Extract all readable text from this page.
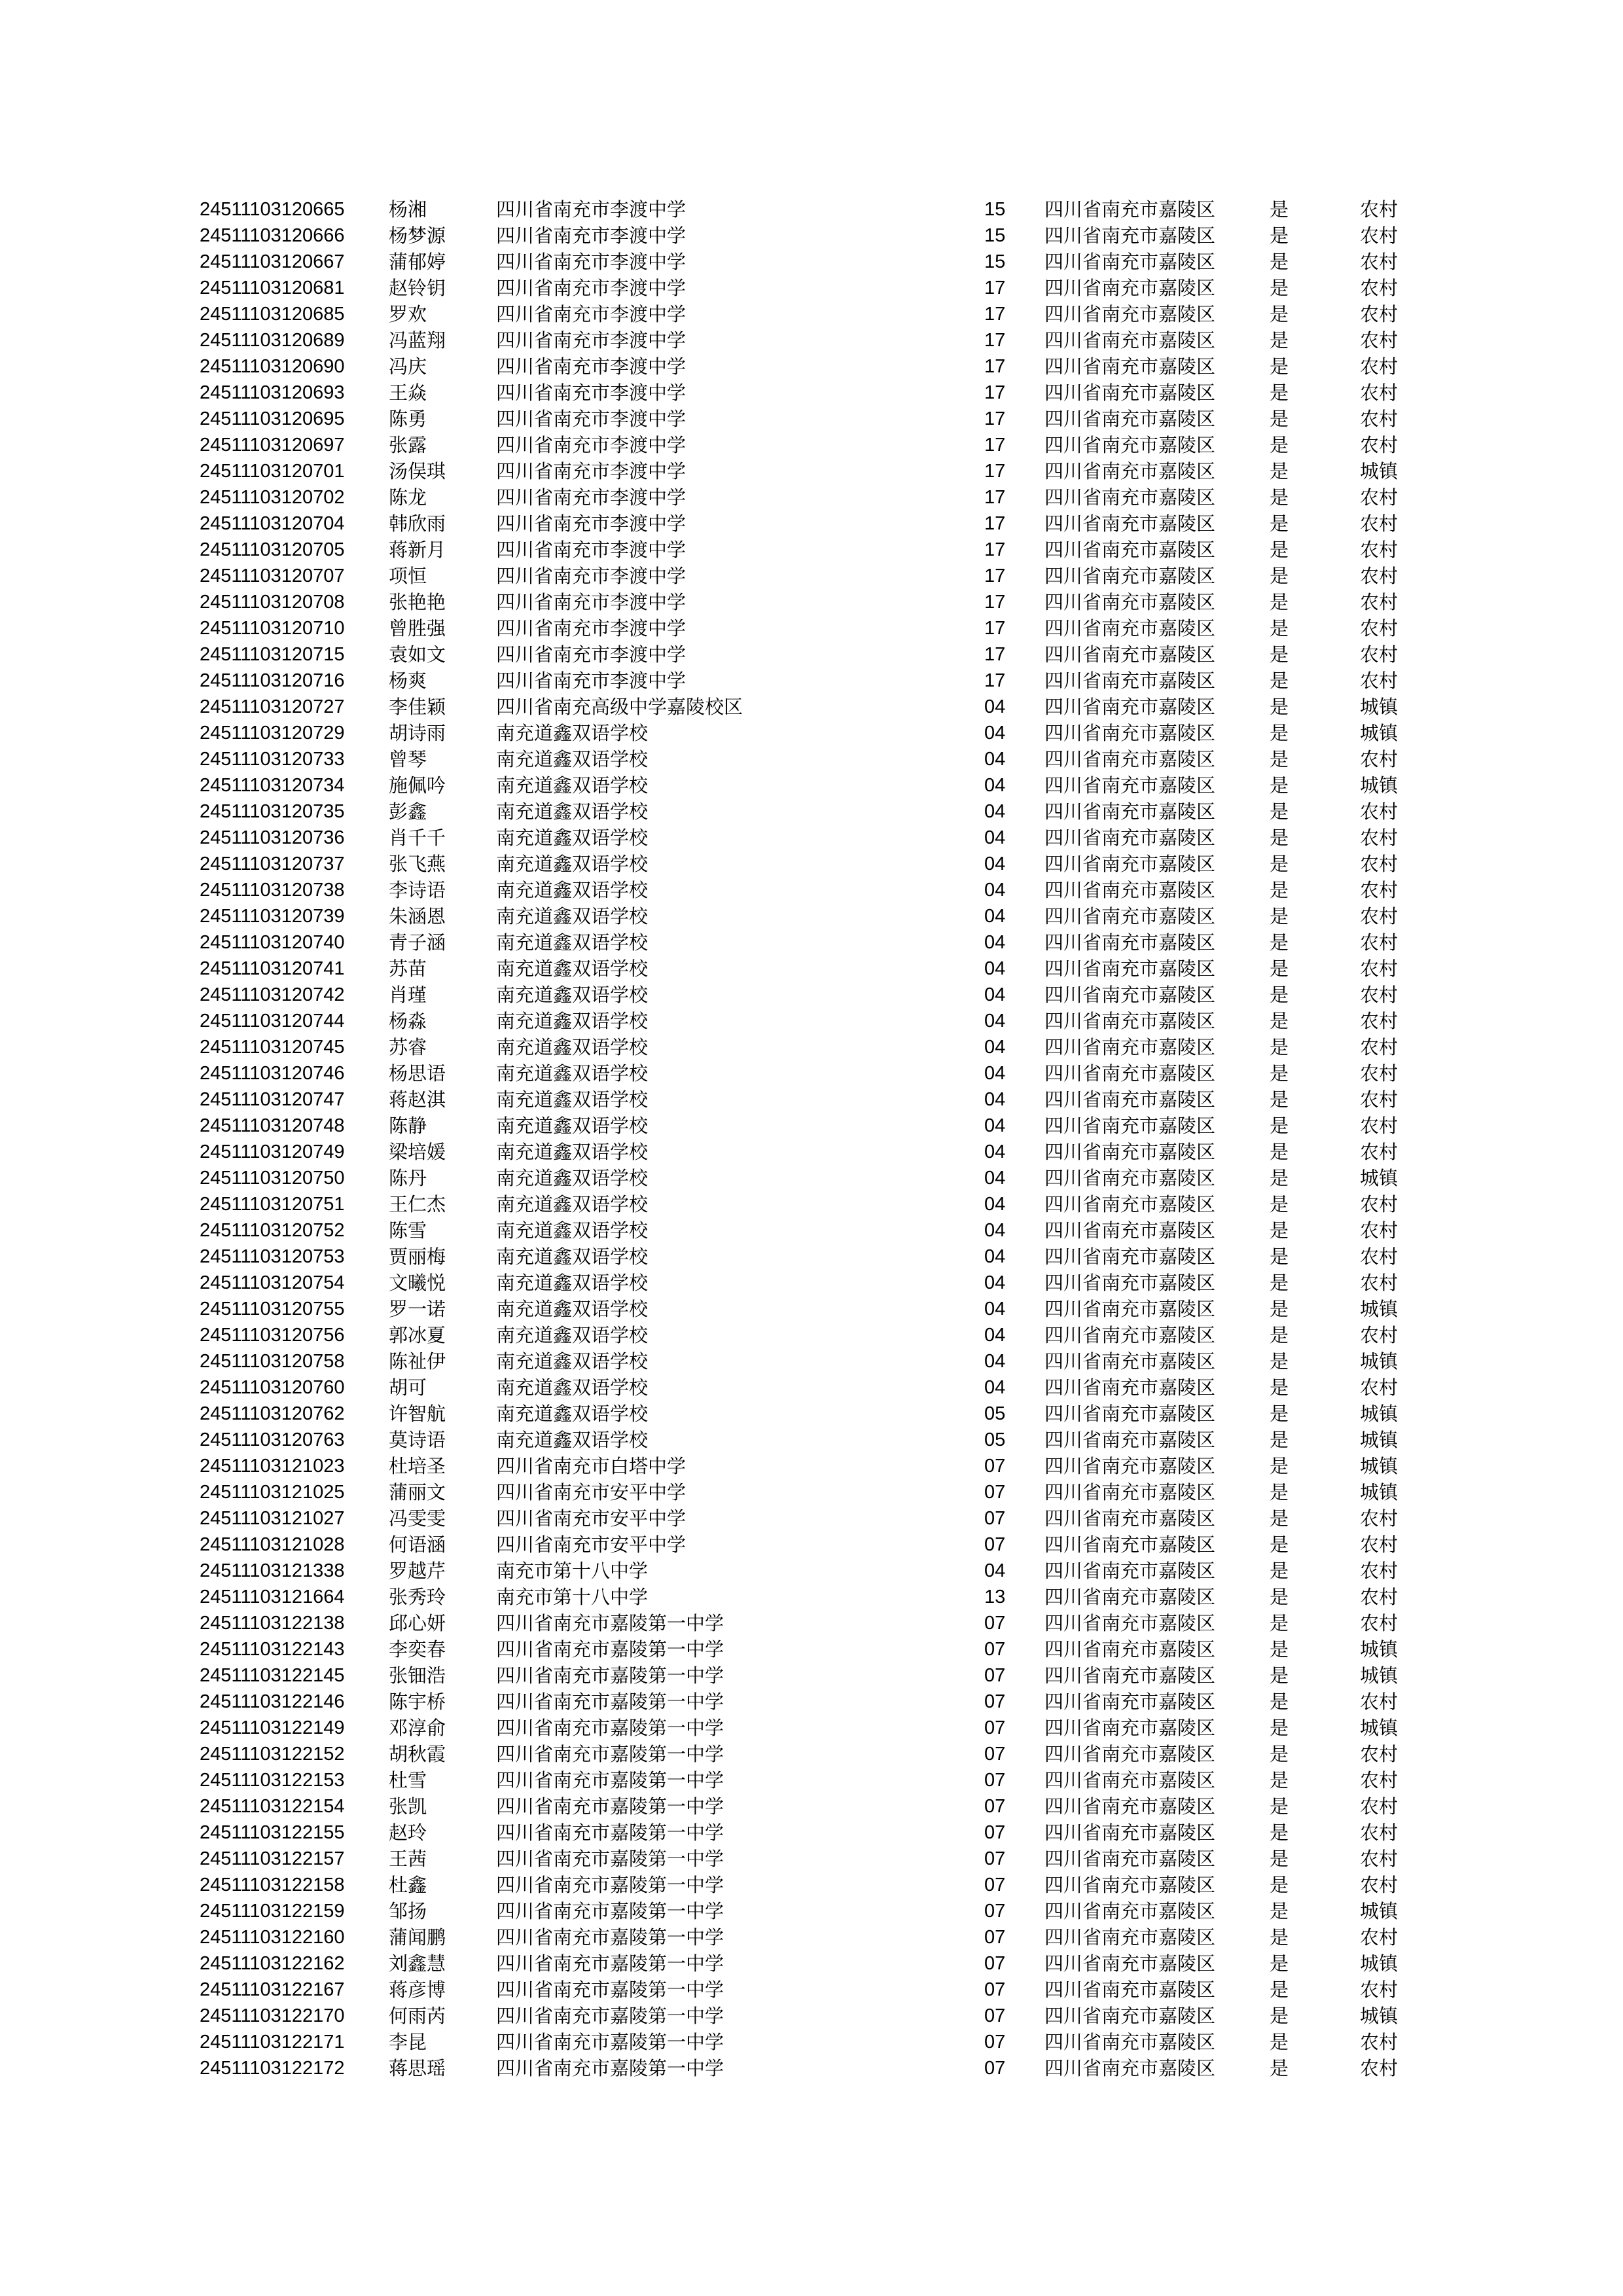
24511103120665	杨湘	四川省南充市李渡中学	15	四川省南充市嘉陵区	是	农村
24511103120666	杨梦源	四川省南充市李渡中学	15	四川省南充市嘉陵区	是	农村
24511103120667	蒲郁婷	四川省南充市李渡中学	15	四川省南充市嘉陵区	是	农村
24511103120681	赵铃钥	四川省南充市李渡中学	17	四川省南充市嘉陵区	是	农村
24511103120685	罗欢	四川省南充市李渡中学	17	四川省南充市嘉陵区	是	农村
24511103120689	冯蓝翔	四川省南充市李渡中学	17	四川省南充市嘉陵区	是	农村
24511103120690	冯庆	四川省南充市李渡中学	17	四川省南充市嘉陵区	是	农村
24511103120693	王焱	四川省南充市李渡中学	17	四川省南充市嘉陵区	是	农村
24511103120695	陈勇	四川省南充市李渡中学	17	四川省南充市嘉陵区	是	农村
24511103120697	张露	四川省南充市李渡中学	17	四川省南充市嘉陵区	是	农村
24511103120701	汤俣琪	四川省南充市李渡中学	17	四川省南充市嘉陵区	是	城镇
24511103120702	陈龙	四川省南充市李渡中学	17	四川省南充市嘉陵区	是	农村
24511103120704	韩欣雨	四川省南充市李渡中学	17	四川省南充市嘉陵区	是	农村
24511103120705	蒋新月	四川省南充市李渡中学	17	四川省南充市嘉陵区	是	农村
24511103120707	项恒	四川省南充市李渡中学	17	四川省南充市嘉陵区	是	农村
24511103120708	张艳艳	四川省南充市李渡中学	17	四川省南充市嘉陵区	是	农村
24511103120710	曾胜强	四川省南充市李渡中学	17	四川省南充市嘉陵区	是	农村
24511103120715	袁如文	四川省南充市李渡中学	17	四川省南充市嘉陵区	是	农村
24511103120716	杨爽	四川省南充市李渡中学	17	四川省南充市嘉陵区	是	农村
24511103120727	李佳颖	四川省南充高级中学嘉陵校区	04	四川省南充市嘉陵区	是	城镇
24511103120729	胡诗雨	南充道鑫双语学校	04	四川省南充市嘉陵区	是	城镇
24511103120733	曾琴	南充道鑫双语学校	04	四川省南充市嘉陵区	是	农村
24511103120734	施佩吟	南充道鑫双语学校	04	四川省南充市嘉陵区	是	城镇
24511103120735	彭鑫	南充道鑫双语学校	04	四川省南充市嘉陵区	是	农村
24511103120736	肖千千	南充道鑫双语学校	04	四川省南充市嘉陵区	是	农村
24511103120737	张飞燕	南充道鑫双语学校	04	四川省南充市嘉陵区	是	农村
24511103120738	李诗语	南充道鑫双语学校	04	四川省南充市嘉陵区	是	农村
24511103120739	朱涵恩	南充道鑫双语学校	04	四川省南充市嘉陵区	是	农村
24511103120740	青子涵	南充道鑫双语学校	04	四川省南充市嘉陵区	是	农村
24511103120741	苏苗	南充道鑫双语学校	04	四川省南充市嘉陵区	是	农村
24511103120742	肖瑾	南充道鑫双语学校	04	四川省南充市嘉陵区	是	农村
24511103120744	杨淼	南充道鑫双语学校	04	四川省南充市嘉陵区	是	农村
24511103120745	苏睿	南充道鑫双语学校	04	四川省南充市嘉陵区	是	农村
24511103120746	杨思语	南充道鑫双语学校	04	四川省南充市嘉陵区	是	农村
24511103120747	蒋赵淇	南充道鑫双语学校	04	四川省南充市嘉陵区	是	农村
24511103120748	陈静	南充道鑫双语学校	04	四川省南充市嘉陵区	是	农村
24511103120749	梁培媛	南充道鑫双语学校	04	四川省南充市嘉陵区	是	农村
24511103120750	陈丹	南充道鑫双语学校	04	四川省南充市嘉陵区	是	城镇
24511103120751	王仁杰	南充道鑫双语学校	04	四川省南充市嘉陵区	是	农村
24511103120752	陈雪	南充道鑫双语学校	04	四川省南充市嘉陵区	是	农村
24511103120753	贾丽梅	南充道鑫双语学校	04	四川省南充市嘉陵区	是	农村
24511103120754	文曦悦	南充道鑫双语学校	04	四川省南充市嘉陵区	是	农村
24511103120755	罗一诺	南充道鑫双语学校	04	四川省南充市嘉陵区	是	城镇
24511103120756	郭冰夏	南充道鑫双语学校	04	四川省南充市嘉陵区	是	农村
24511103120758	陈祉伊	南充道鑫双语学校	04	四川省南充市嘉陵区	是	城镇
24511103120760	胡可	南充道鑫双语学校	04	四川省南充市嘉陵区	是	农村
24511103120762	许智航	南充道鑫双语学校	05	四川省南充市嘉陵区	是	城镇
24511103120763	莫诗语	南充道鑫双语学校	05	四川省南充市嘉陵区	是	城镇
24511103121023	杜培圣	四川省南充市白塔中学	07	四川省南充市嘉陵区	是	城镇
24511103121025	蒲丽文	四川省南充市安平中学	07	四川省南充市嘉陵区	是	城镇
24511103121027	冯雯雯	四川省南充市安平中学	07	四川省南充市嘉陵区	是	农村
24511103121028	何语涵	四川省南充市安平中学	07	四川省南充市嘉陵区	是	农村
24511103121338	罗越芹	南充市第十八中学	04	四川省南充市嘉陵区	是	农村
24511103121664	张秀玲	南充市第十八中学	13	四川省南充市嘉陵区	是	农村
24511103122138	邱心妍	四川省南充市嘉陵第一中学	07	四川省南充市嘉陵区	是	农村
24511103122143	李奕春	四川省南充市嘉陵第一中学	07	四川省南充市嘉陵区	是	城镇
24511103122145	张钿浩	四川省南充市嘉陵第一中学	07	四川省南充市嘉陵区	是	城镇
24511103122146	陈宇桥	四川省南充市嘉陵第一中学	07	四川省南充市嘉陵区	是	农村
24511103122149	邓淳俞	四川省南充市嘉陵第一中学	07	四川省南充市嘉陵区	是	城镇
24511103122152	胡秋霞	四川省南充市嘉陵第一中学	07	四川省南充市嘉陵区	是	农村
24511103122153	杜雪	四川省南充市嘉陵第一中学	07	四川省南充市嘉陵区	是	农村
24511103122154	张凯	四川省南充市嘉陵第一中学	07	四川省南充市嘉陵区	是	农村
24511103122155	赵玲	四川省南充市嘉陵第一中学	07	四川省南充市嘉陵区	是	农村
24511103122157	王茜	四川省南充市嘉陵第一中学	07	四川省南充市嘉陵区	是	农村
24511103122158	杜鑫	四川省南充市嘉陵第一中学	07	四川省南充市嘉陵区	是	农村
24511103122159	邹扬	四川省南充市嘉陵第一中学	07	四川省南充市嘉陵区	是	城镇
24511103122160	蒲闻鹏	四川省南充市嘉陵第一中学	07	四川省南充市嘉陵区	是	农村
24511103122162	刘鑫慧	四川省南充市嘉陵第一中学	07	四川省南充市嘉陵区	是	城镇
24511103122167	蒋彦博	四川省南充市嘉陵第一中学	07	四川省南充市嘉陵区	是	农村
24511103122170	何雨芮	四川省南充市嘉陵第一中学	07	四川省南充市嘉陵区	是	城镇
24511103122171	李昆	四川省南充市嘉陵第一中学	07	四川省南充市嘉陵区	是	农村
24511103122172	蒋思瑶	四川省南充市嘉陵第一中学	07	四川省南充市嘉陵区	是	农村
